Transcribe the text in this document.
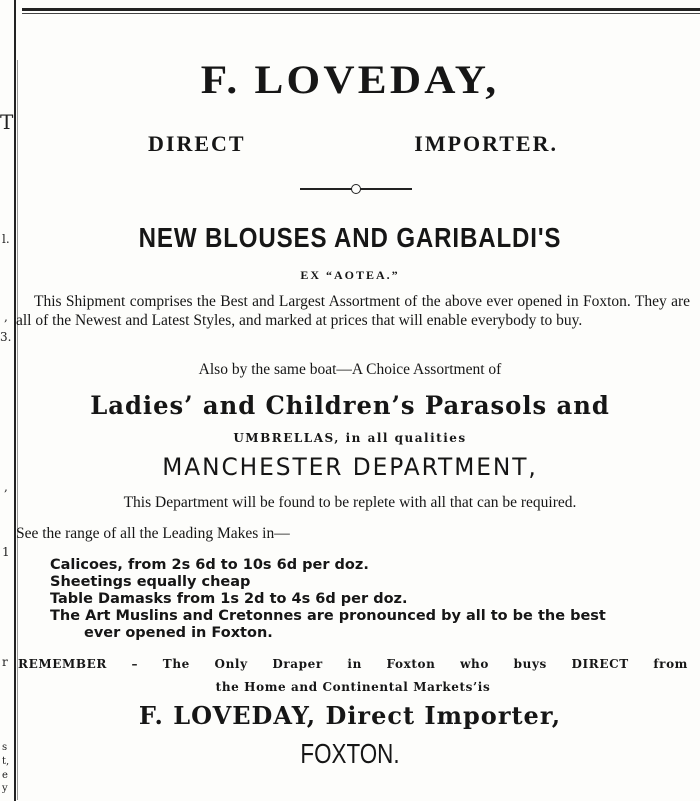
T
l.
,
3.
,
1
r
s
t,
e
y
F. LOVEDAY,
DIRECT	IMPORTER.
NEW BLOUSES AND GARIBALDI'S
EX “AOTEA.”
This Shipment comprises the Best and Largest Assortment of the above ever opened in Foxton. They are all of the Newest and Latest Styles, and marked at prices that will enable everybody to buy.
Also by the same boat—A Choice Assortment of
Ladies’ and Children’s Parasols and
UMBRELLAS, in all qualities
MANCHESTER DEPARTMENT,
This Department will be found to be replete with all that can be required.
See the range of all the Leading Makes in—
Calicoes, from 2s 6d to 10s 6d per doz.
Sheetings equally cheap
Table Damasks from 1s 2d to 4s 6d per doz.
The Art Muslins and Cretonnes are pronounced by all to be the best
ever opened in Foxton.
REMEMBER – The Only Draper in Foxton who buys DIRECT from
the Home and Continental Markets’is
F. LOVEDAY, Direct Importer,
FOXTON.
